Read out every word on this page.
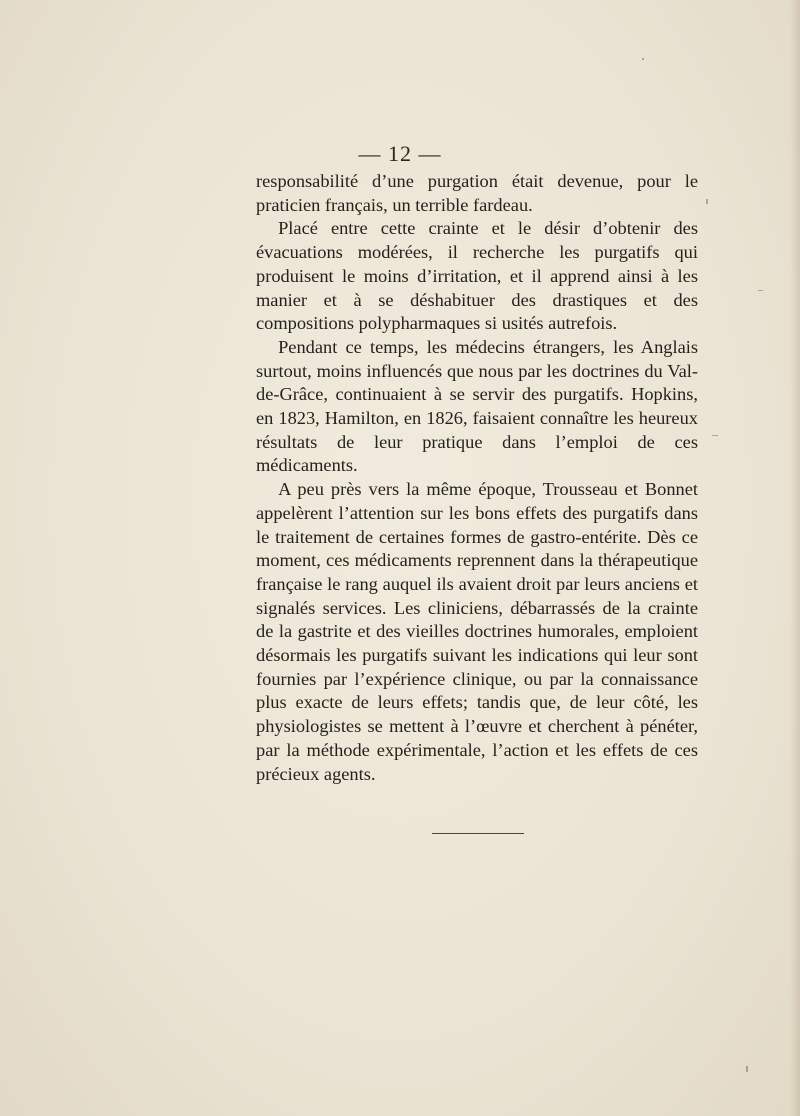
— 12 —

responsabilité d’une purgation était devenue, pour le praticien français, un terrible fardeau.

Placé entre cette crainte et le désir d’obtenir des évacuations modérées, il recherche les purgatifs qui produisent le moins d’irritation, et il apprend ainsi à les manier et à se déshabituer des drastiques et des compositions polypharmaques si usités autrefois.

Pendant ce temps, les médecins étrangers, les Anglais surtout, moins influencés que nous par les doctrines du Val-de-Grâce, continuaient à se servir des purgatifs. Hopkins, en 1823, Hamilton, en 1826, faisaient connaître les heureux résultats de leur pratique dans l’emploi de ces médicaments.

A peu près vers la même époque, Trousseau et Bonnet appelèrent l’attention sur les bons effets des purgatifs dans le traitement de certaines formes de gastro-entérite. Dès ce moment, ces médicaments reprennent dans la thérapeutique française le rang auquel ils avaient droit par leurs anciens et signalés services. Les cliniciens, débarrassés de la crainte de la gastrite et des vieilles doctrines humorales, emploient désormais les purgatifs suivant les indications qui leur sont fournies par l’expérience clinique, ou par la connaissance plus exacte de leurs effets; tandis que, de leur côté, les physiologistes se mettent à l’œuvre et cherchent à pénéter, par la méthode expérimentale, l’action et les effets de ces précieux agents.
